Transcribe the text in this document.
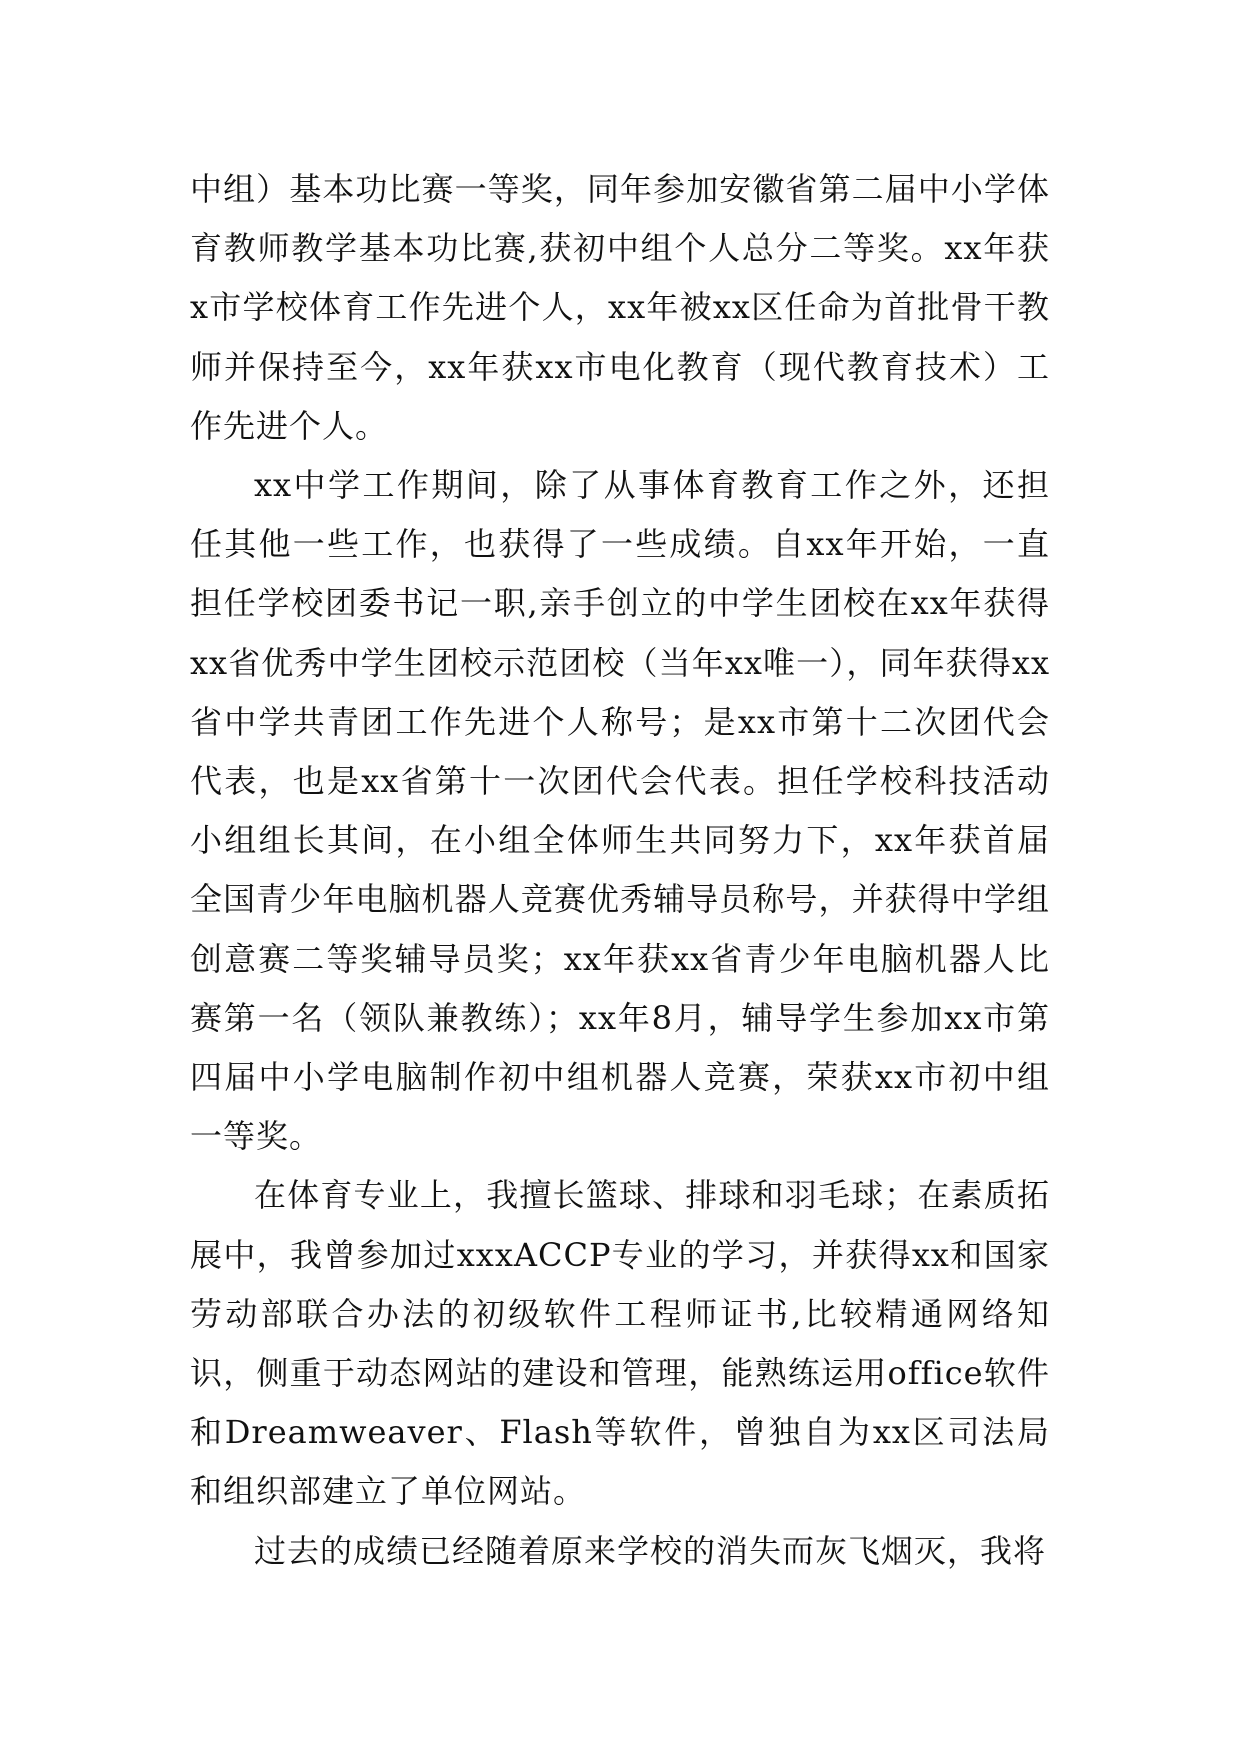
中组）基本功比赛一等奖，同年参加安徽省第二届中小学体育教师教学基本功比赛,获初中组个人总分二等奖。xx年获x市学校体育工作先进个人，xx年被xx区任命为首批骨干教师并保持至今，xx年获xx市电化教育（现代教育技术）工作先进个人。

xx中学工作期间，除了从事体育教育工作之外，还担任其他一些工作，也获得了一些成绩。自xx年开始，一直担任学校团委书记一职,亲手创立的中学生团校在xx年获得xx省优秀中学生团校示范团校（当年xx唯一），同年获得xx省中学共青团工作先进个人称号；是xx市第十二次团代会代表，也是xx省第十一次团代会代表。担任学校科技活动小组组长其间，在小组全体师生共同努力下，xx年获首届全国青少年电脑机器人竞赛优秀辅导员称号，并获得中学组创意赛二等奖辅导员奖；xx年获xx省青少年电脑机器人比赛第一名（领队兼教练）；xx年8月，辅导学生参加xx市第四届中小学电脑制作初中组机器人竞赛，荣获xx市初中组一等奖。

在体育专业上，我擅长篮球、排球和羽毛球；在素质拓展中，我曾参加过xxxACCP专业的学习，并获得xx和国家劳动部联合办法的初级软件工程师证书,比较精通网络知识，侧重于动态网站的建设和管理，能熟练运用office软件和Dreamweaver、Flash等软件，曾独自为xx区司法局和组织部建立了单位网站。

过去的成绩已经随着原来学校的消失而灰飞烟灭，我将
